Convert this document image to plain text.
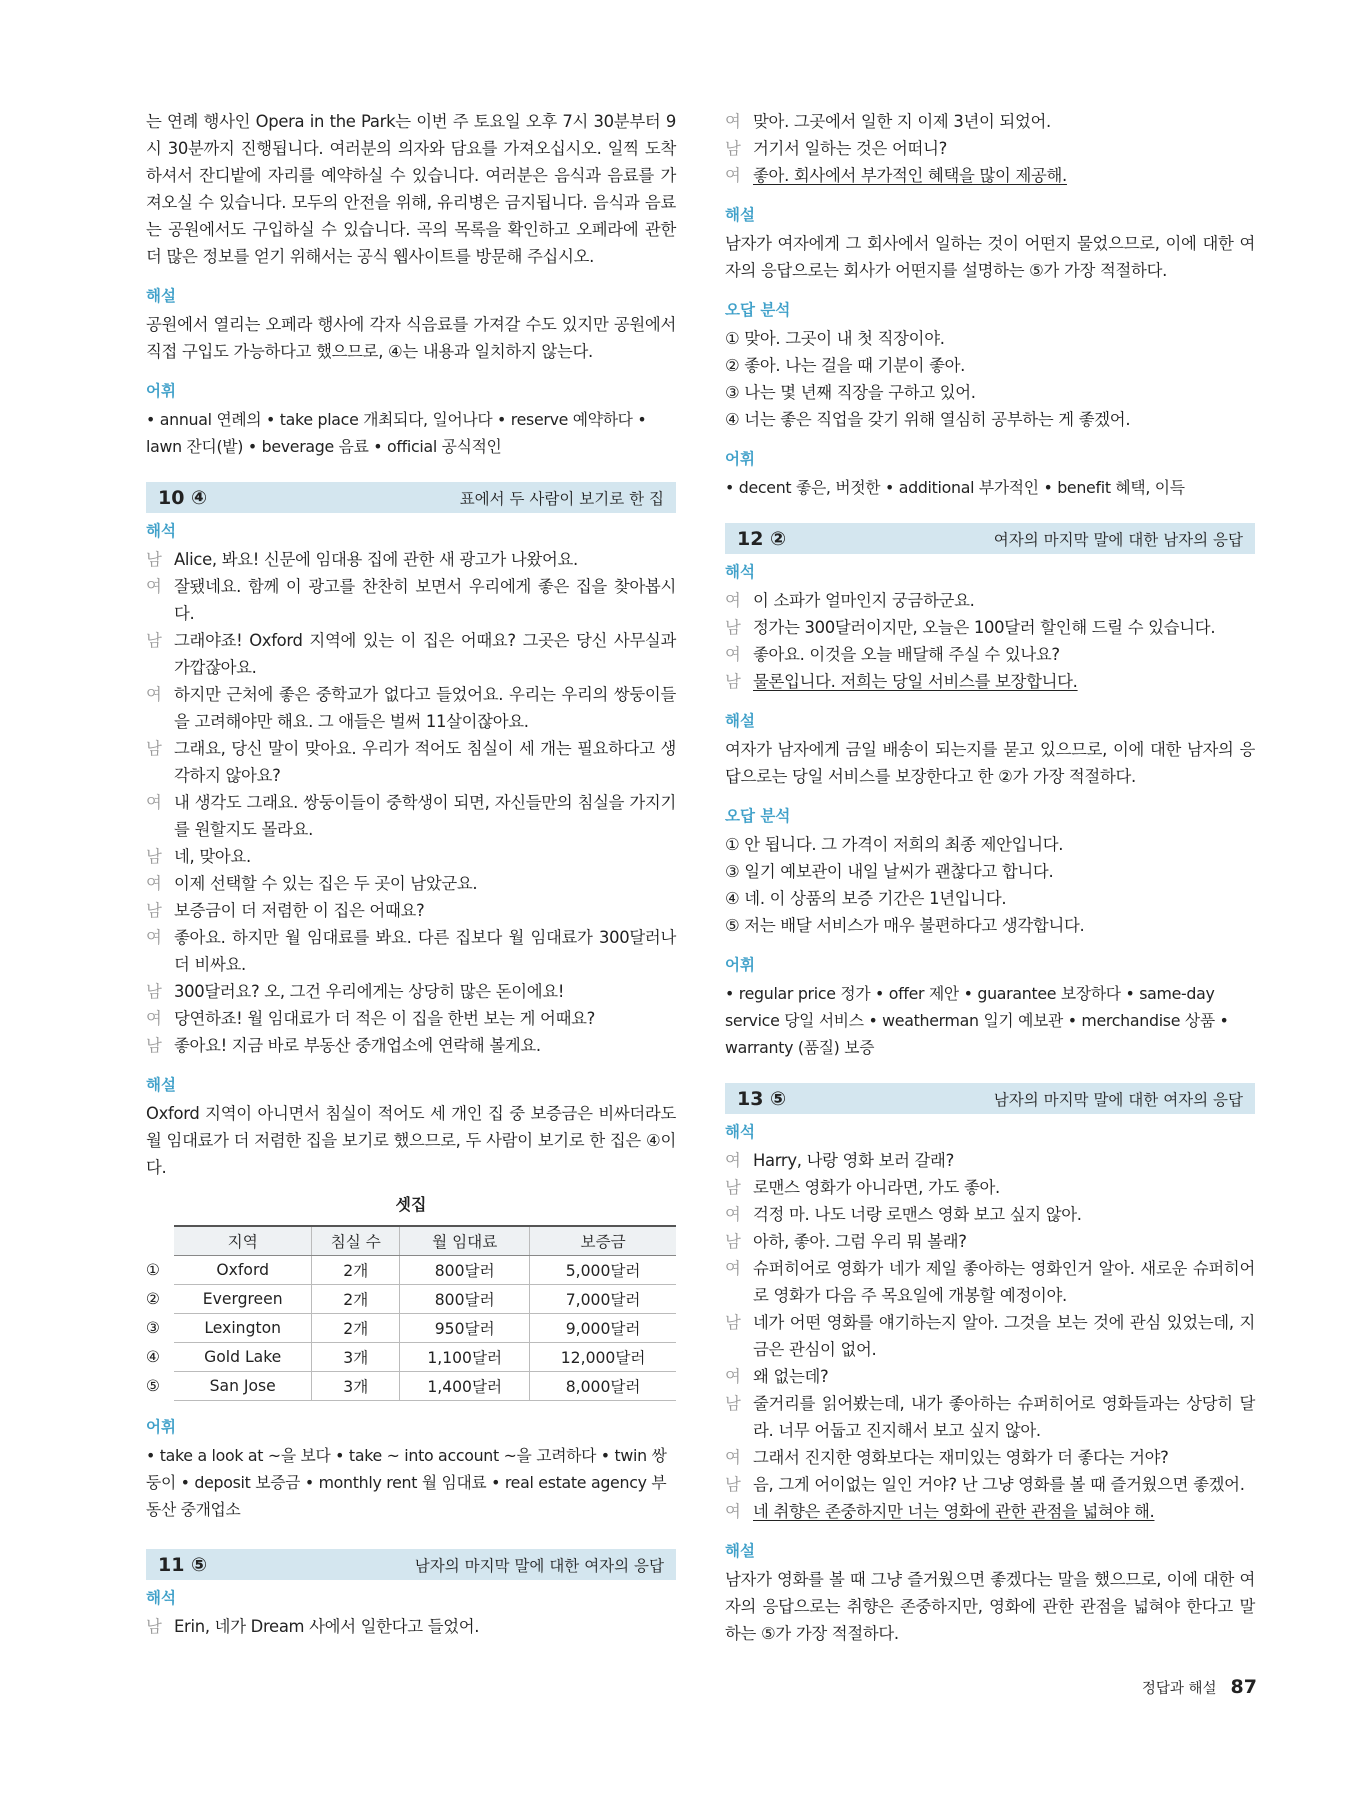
는 연례 행사인 Opera in the Park는 이번 주 토요일 오후 7시 30분부터 9시 30분까지 진행됩니다. 여러분의 의자와 담요를 가져오십시오. 일찍 도착하셔서 잔디밭에 자리를 예약하실 수 있습니다. 여러분은 음식과 음료를 가져오실 수 있습니다. 모두의 안전을 위해, 유리병은 금지됩니다. 음식과 음료는 공원에서도 구입하실 수 있습니다. 곡의 목록을 확인하고 오페라에 관한 더 많은 정보를 얻기 위해서는 공식 웹사이트를 방문해 주십시오.

해설

공원에서 열리는 오페라 행사에 각자 식음료를 가져갈 수도 있지만 공원에서 직접 구입도 가능하다고 했으므로, ④는 내용과 일치하지 않는다.

어휘

• annual 연례의 • take place 개최되다, 일어나다 • reserve 예약하다 • lawn 잔디(밭) • beverage 음료 • official 공식적인

10 ④	표에서 두 사람이 보기로 한 집
해석
남 Alice, 봐요! 신문에 임대용 집에 관한 새 광고가 나왔어요.
여 잘됐네요. 함께 이 광고를 찬찬히 보면서 우리에게 좋은 집을 찾아봅시다.
남 그래야죠! Oxford 지역에 있는 이 집은 어때요? 그곳은 당신 사무실과 가깝잖아요.
여 하지만 근처에 좋은 중학교가 없다고 들었어요. 우리는 우리의 쌍둥이들을 고려해야만 해요. 그 애들은 벌써 11살이잖아요.
남 그래요, 당신 말이 맞아요. 우리가 적어도 침실이 세 개는 필요하다고 생각하지 않아요?
여 내 생각도 그래요. 쌍둥이들이 중학생이 되면, 자신들만의 침실을 가지기를 원할지도 몰라요.
남 네, 맞아요.
여 이제 선택할 수 있는 집은 두 곳이 남았군요.
남 보증금이 더 저렴한 이 집은 어때요?
여 좋아요. 하지만 월 임대료를 봐요. 다른 집보다 월 임대료가 300달러나 더 비싸요.
남 300달러요? 오, 그건 우리에게는 상당히 많은 돈이에요!
여 당연하죠! 월 임대료가 더 적은 이 집을 한번 보는 게 어때요?
남 좋아요! 지금 바로 부동산 중개업소에 연락해 볼게요.
해설

Oxford 지역이 아니면서 침실이 적어도 세 개인 집 중 보증금은 비싸더라도 월 임대료가 더 저렴한 집을 보기로 했으므로, 두 사람이 보기로 한 집은 ④이다.

셋집
	지역	침실 수	월 임대료	보증금
①	Oxford	2개	800달러	5,000달러
②	Evergreen	2개	800달러	7,000달러
③	Lexington	2개	950달러	9,000달러
④	Gold Lake	3개	1,100달러	12,000달러
⑤	San Jose	3개	1,400달러	8,000달러
어휘

• take a look at ~을 보다 • take ~ into account ~을 고려하다 • twin 쌍둥이 • deposit 보증금 • monthly rent 월 임대료 • real estate agency 부동산 중개업소

11 ⑤	남자의 마지막 말에 대한 여자의 응답
해석
남 Erin, 네가 Dream 사에서 일한다고 들었어.
여 맞아. 그곳에서 일한 지 이제 3년이 되었어.
남 거기서 일하는 것은 어떠니?
여 좋아. 회사에서 부가적인 혜택을 많이 제공해.
해설

남자가 여자에게 그 회사에서 일하는 것이 어떤지 물었으므로, 이에 대한 여자의 응답으로는 회사가 어떤지를 설명하는 ⑤가 가장 적절하다.

오답 분석

① 맞아. 그곳이 내 첫 직장이야.

② 좋아. 나는 걸을 때 기분이 좋아.

③ 나는 몇 년째 직장을 구하고 있어.

④ 너는 좋은 직업을 갖기 위해 열심히 공부하는 게 좋겠어.

어휘

• decent 좋은, 버젓한 • additional 부가적인 • benefit 혜택, 이득

12 ②	여자의 마지막 말에 대한 남자의 응답
해석
여 이 소파가 얼마인지 궁금하군요.
남 정가는 300달러이지만, 오늘은 100달러 할인해 드릴 수 있습니다.
여 좋아요. 이것을 오늘 배달해 주실 수 있나요?
남 물론입니다. 저희는 당일 서비스를 보장합니다.
해설

여자가 남자에게 금일 배송이 되는지를 묻고 있으므로, 이에 대한 남자의 응답으로는 당일 서비스를 보장한다고 한 ②가 가장 적절하다.

오답 분석

① 안 됩니다. 그 가격이 저희의 최종 제안입니다.

③ 일기 예보관이 내일 날씨가 괜찮다고 합니다.

④ 네. 이 상품의 보증 기간은 1년입니다.

⑤ 저는 배달 서비스가 매우 불편하다고 생각합니다.

어휘

• regular price 정가 • offer 제안 • guarantee 보장하다 • same-day service 당일 서비스 • weatherman 일기 예보관 • merchandise 상품 • warranty (품질) 보증

13 ⑤	남자의 마지막 말에 대한 여자의 응답
해석
여 Harry, 나랑 영화 보러 갈래?
남 로맨스 영화가 아니라면, 가도 좋아.
여 걱정 마. 나도 너랑 로맨스 영화 보고 싶지 않아.
남 아하, 좋아. 그럼 우리 뭐 볼래?
여 슈퍼히어로 영화가 네가 제일 좋아하는 영화인거 알아. 새로운 슈퍼히어로 영화가 다음 주 목요일에 개봉할 예정이야.
남 네가 어떤 영화를 얘기하는지 알아. 그것을 보는 것에 관심 있었는데, 지금은 관심이 없어.
여 왜 없는데?
남 줄거리를 읽어봤는데, 내가 좋아하는 슈퍼히어로 영화들과는 상당히 달라. 너무 어둡고 진지해서 보고 싶지 않아.
여 그래서 진지한 영화보다는 재미있는 영화가 더 좋다는 거야?
남 음, 그게 어이없는 일인 거야? 난 그냥 영화를 볼 때 즐거웠으면 좋겠어.
여 네 취향은 존중하지만 너는 영화에 관한 관점을 넓혀야 해.
해설

남자가 영화를 볼 때 그냥 즐거웠으면 좋겠다는 말을 했으므로, 이에 대한 여자의 응답으로는 취향은 존중하지만, 영화에 관한 관점을 넓혀야 한다고 말하는 ⑤가 가장 적절하다.

정답과 해설 87
